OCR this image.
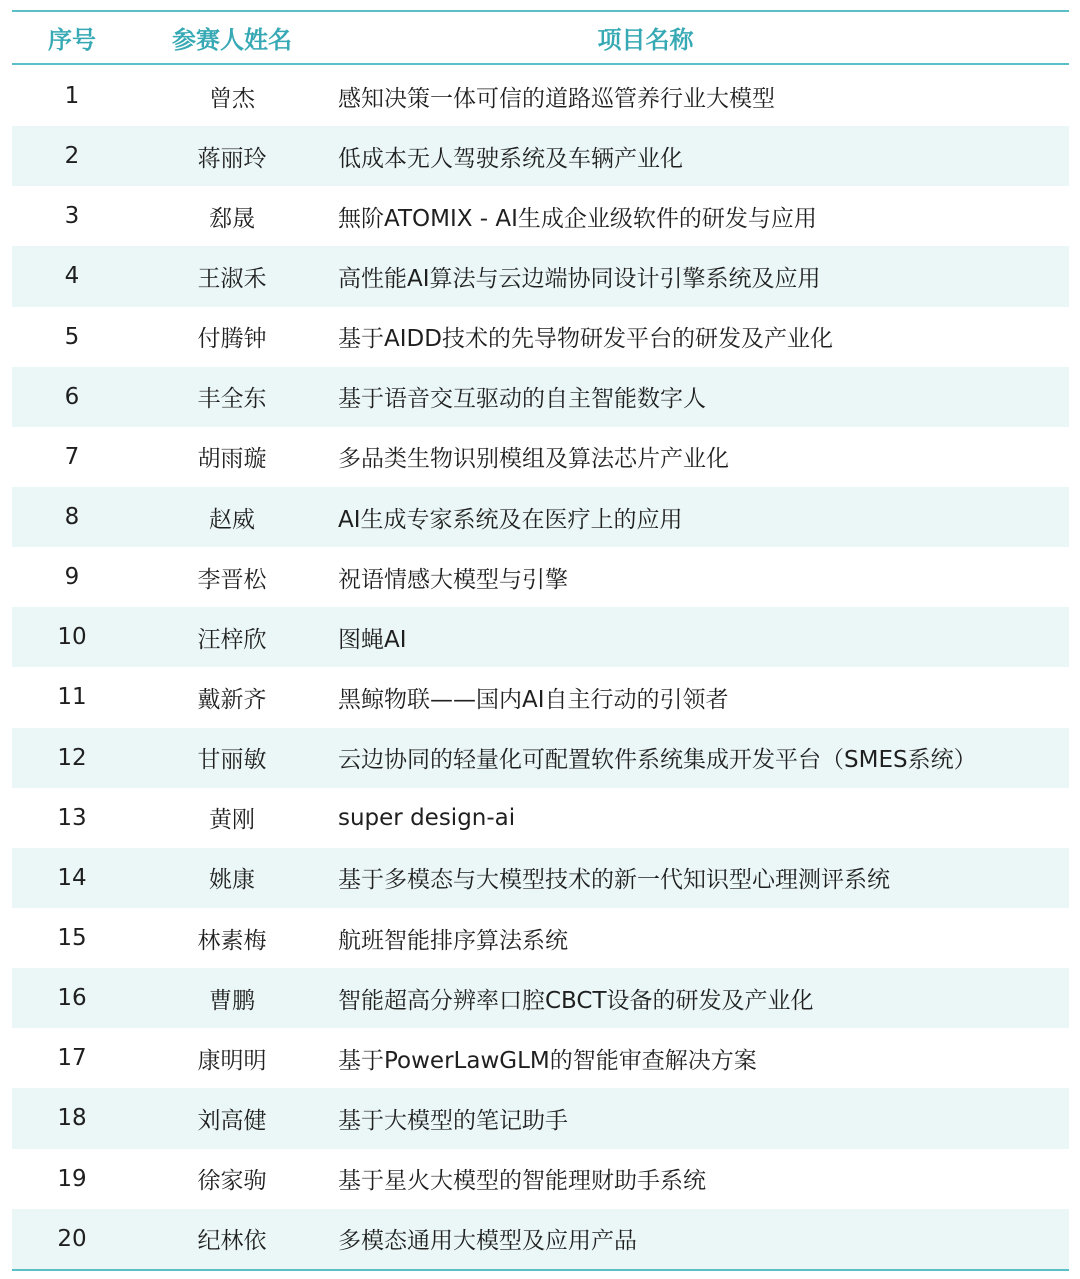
序号	参赛人姓名	项目名称
1	曾杰	感知决策一体可信的道路巡管养行业大模型
2	蒋丽玲	低成本无人驾驶系统及车辆产业化
3	郄晟	無阶ATOMIX - AI生成企业级软件的研发与应用
4	王淑禾	高性能AI算法与云边端协同设计引擎系统及应用
5	付腾钟	基于AIDD技术的先导物研发平台的研发及产业化
6	丰全东	基于语音交互驱动的自主智能数字人
7	胡雨璇	多品类生物识别模组及算法芯片产业化
8	赵威	AI生成专家系统及在医疗上的应用
9	李晋松	祝语情感大模型与引擎
10	汪梓欣	图蝇AI
11	戴新齐	黑鲸物联——国内AI自主行动的引领者
12	甘丽敏	云边协同的轻量化可配置软件系统集成开发平台（SMES系统）
13	黄刚	super design-ai
14	姚康	基于多模态与大模型技术的新一代知识型心理测评系统
15	林素梅	航班智能排序算法系统
16	曹鹏	智能超高分辨率口腔CBCT设备的研发及产业化
17	康明明	基于PowerLawGLM的智能审查解决方案
18	刘高健	基于大模型的笔记助手
19	徐家驹	基于星火大模型的智能理财助手系统
20	纪林依	多模态通用大模型及应用产品
